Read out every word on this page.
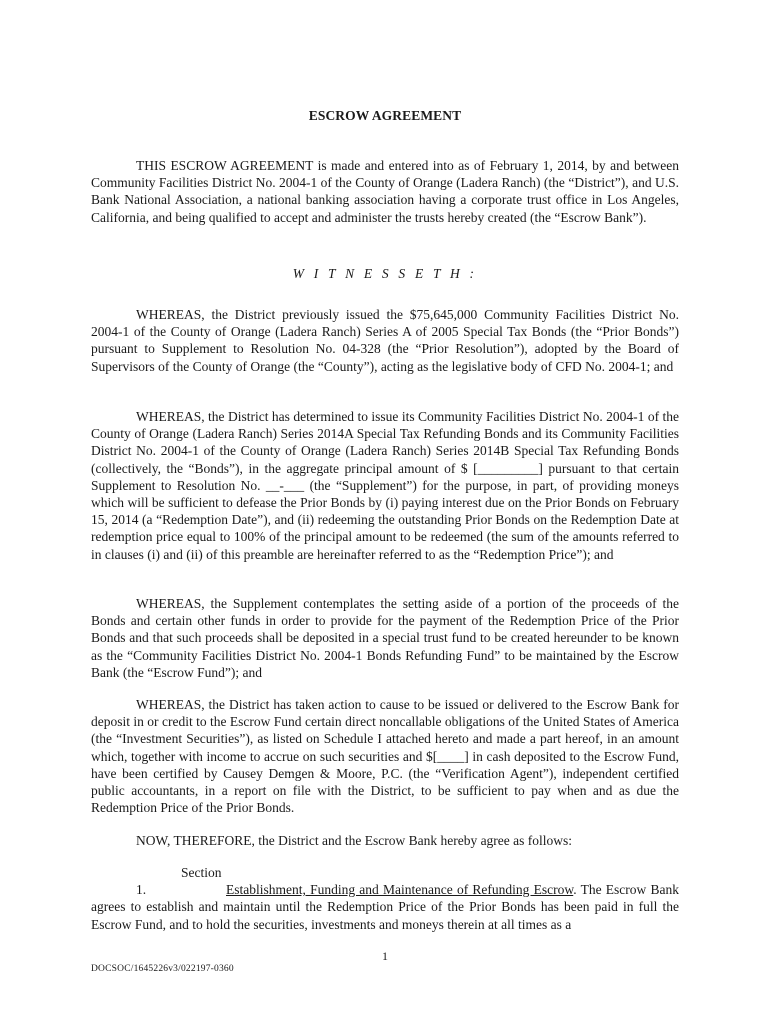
ESCROW AGREEMENT

THIS ESCROW AGREEMENT is made and entered into as of February 1, 2014, by and between Community Facilities District No. 2004-1 of the County of Orange (Ladera Ranch) (the “District”), and U.S. Bank National Association, a national banking association having a corporate trust office in Los Angeles, California, and being qualified to accept and administer the trusts hereby created (the “Escrow Bank”).

W I T N E S S E T H :

WHEREAS, the District previously issued the $75,645,000 Community Facilities District No. 2004-1 of the County of Orange (Ladera Ranch) Series A of 2005 Special Tax Bonds (the “Prior Bonds”) pursuant to Supplement to Resolution No. 04-328 (the “Prior Resolution”), adopted by the Board of Supervisors of the County of Orange (the “County”), acting as the legislative body of CFD No. 2004-1; and

WHEREAS, the District has determined to issue its Community Facilities District No. 2004-1 of the County of Orange (Ladera Ranch) Series 2014A Special Tax Refunding Bonds and its Community Facilities District No. 2004-1 of the County of Orange (Ladera Ranch) Series 2014B Special Tax Refunding Bonds (collectively, the “Bonds”), in the aggregate principal amount of $ [_________] pursuant to that certain Supplement to Resolution No. __-___ (the “Supplement”) for the purpose, in part, of providing moneys which will be sufficient to defease the Prior Bonds by (i) paying interest due on the Prior Bonds on February 15, 2014 (a “Redemption Date”), and (ii) redeeming the outstanding Prior Bonds on the Redemption Date at redemption price equal to 100% of the principal amount to be redeemed (the sum of the amounts referred to in clauses (i) and (ii) of this preamble are hereinafter referred to as the “Redemption Price”); and

WHEREAS, the Supplement contemplates the setting aside of a portion of the proceeds of the Bonds and certain other funds in order to provide for the payment of the Redemption Price of the Prior Bonds and that such proceeds shall be deposited in a special trust fund to be created hereunder to be known as the “Community Facilities District No. 2004-1 Bonds Refunding Fund” to be maintained by the Escrow Bank (the “Escrow Fund”); and

WHEREAS, the District has taken action to cause to be issued or delivered to the Escrow Bank for deposit in or credit to the Escrow Fund certain direct noncallable obligations of the United States of America (the “Investment Securities”), as listed on Schedule I attached hereto and made a part hereof, in an amount which, together with income to accrue on such securities and $[____] in cash deposited to the Escrow Fund, have been certified by Causey Demgen & Moore, P.C. (the “Verification Agent”), independent certified public accountants, in a report on file with the District, to be sufficient to pay when and as due the Redemption Price of the Prior Bonds.

NOW, THEREFORE, the District and the Escrow Bank hereby agree as follows:

Section 1.	Establishment, Funding and Maintenance of Refunding Escrow. The Escrow Bank agrees to establish and maintain until the Redemption Price of the Prior Bonds has been paid in full the Escrow Fund, and to hold the securities, investments and moneys therein at all times as a

1
DOCSOC/1645226v3/022197-0360
